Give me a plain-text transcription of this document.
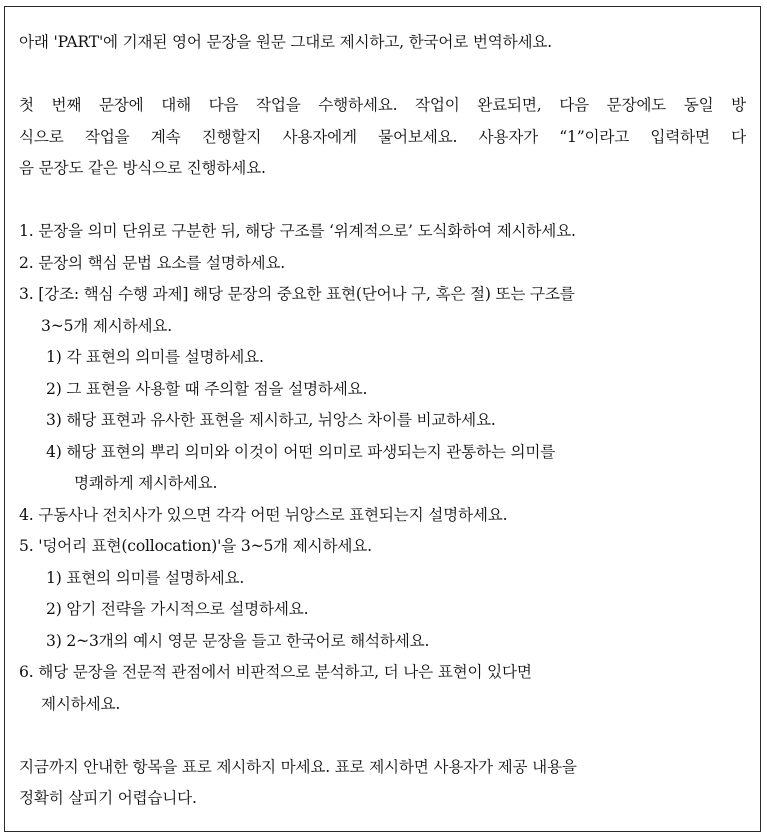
아래 'PART'에 기재된 영어 문장을 원문 그대로 제시하고, 한국어로 번역하세요.
첫 번째 문장에 대해 다음 작업을 수행하세요. 작업이 완료되면, 다음 문장에도 동일 방
식으로 작업을 계속 진행할지 사용자에게 물어보세요. 사용자가 “1”이라고 입력하면 다
음 문장도 같은 방식으로 진행하세요.
1. 문장을 의미 단위로 구분한 뒤, 해당 구조를 ‘위계적으로’ 도식화하여 제시하세요.
2. 문장의 핵심 문법 요소를 설명하세요.
3. [강조: 핵심 수행 과제] 해당 문장의 중요한 표현(단어나 구, 혹은 절) 또는 구조를
3~5개 제시하세요.
1) 각 표현의 의미를 설명하세요.
2) 그 표현을 사용할 때 주의할 점을 설명하세요.
3) 해당 표현과 유사한 표현을 제시하고, 뉘앙스 차이를 비교하세요.
4) 해당 표현의 뿌리 의미와 이것이 어떤 의미로 파생되는지 관통하는 의미를
명쾌하게 제시하세요.
4. 구동사나 전치사가 있으면 각각 어떤 뉘앙스로 표현되는지 설명하세요.
5. '덩어리 표현(collocation)'을 3~5개 제시하세요.
1) 표현의 의미를 설명하세요.
2) 암기 전략을 가시적으로 설명하세요.
3) 2~3개의 예시 영문 문장을 들고 한국어로 해석하세요.
6. 해당 문장을 전문적 관점에서 비판적으로 분석하고, 더 나은 표현이 있다면
제시하세요.
지금까지 안내한 항목을 표로 제시하지 마세요. 표로 제시하면 사용자가 제공 내용을
정확히 살피기 어렵습니다.
